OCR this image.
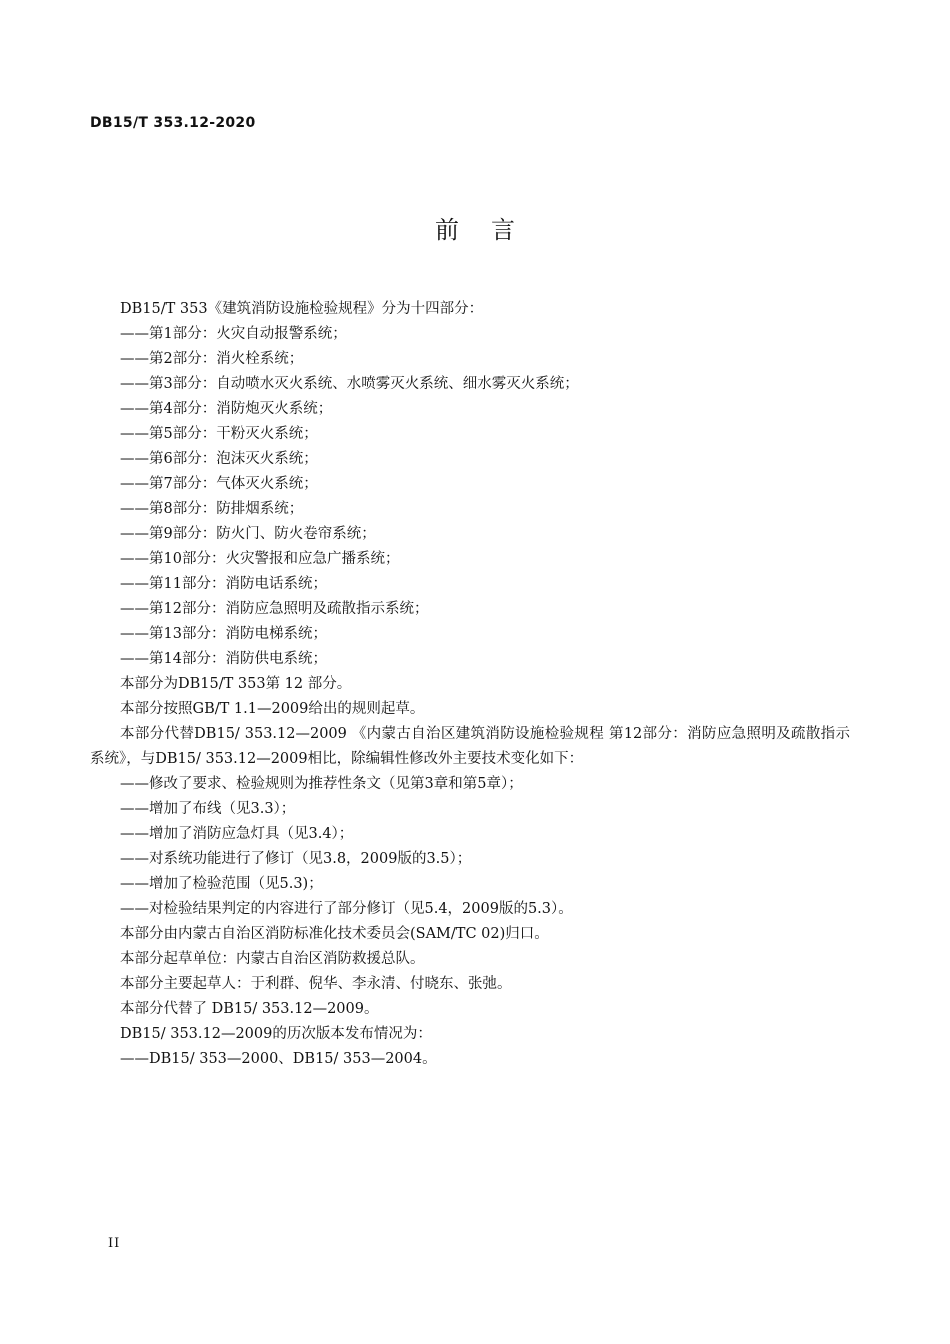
DB15/T 353.12-2020
前言

DB15/T 353《建筑消防设施检验规程》分为十四部分：

——第1部分：火灾自动报警系统；

——第2部分：消火栓系统；

——第3部分：自动喷水灭火系统、水喷雾灭火系统、细水雾灭火系统；

——第4部分：消防炮灭火系统；

——第5部分：干粉灭火系统；

——第6部分：泡沫灭火系统；

——第7部分：气体灭火系统；

——第8部分：防排烟系统；

——第9部分：防火门、防火卷帘系统；

——第10部分：火灾警报和应急广播系统；

——第11部分：消防电话系统；

——第12部分：消防应急照明及疏散指示系统；

——第13部分：消防电梯系统；

——第14部分：消防供电系统；

本部分为DB15/T 353第 12 部分。

本部分按照GB/T 1.1—2009给出的规则起草。

本部分代替DB15/ 353.12—2009 《内蒙古自治区建筑消防设施检验规程 第12部分：消防应急照明及疏散指示系统》，与DB15/ 353.12—2009相比，除编辑性修改外主要技术变化如下：

——修改了要求、检验规则为推荐性条文（见第3章和第5章）；

——增加了布线（见3.3）；

——增加了消防应急灯具（见3.4）；

——对系统功能进行了修订（见3.8，2009版的3.5）；

——增加了检验范围（见5.3)；

——对检验结果判定的内容进行了部分修订（见5.4，2009版的5.3）。

本部分由内蒙古自治区消防标准化技术委员会(SAM/TC 02)归口。

本部分起草单位：内蒙古自治区消防救援总队。

本部分主要起草人：于利群、倪华、李永清、付晓东、张弛。

本部分代替了 DB15/ 353.12—2009。

DB15/ 353.12—2009的历次版本发布情况为：

——DB15/ 353—2000、DB15/ 353—2004。

II
